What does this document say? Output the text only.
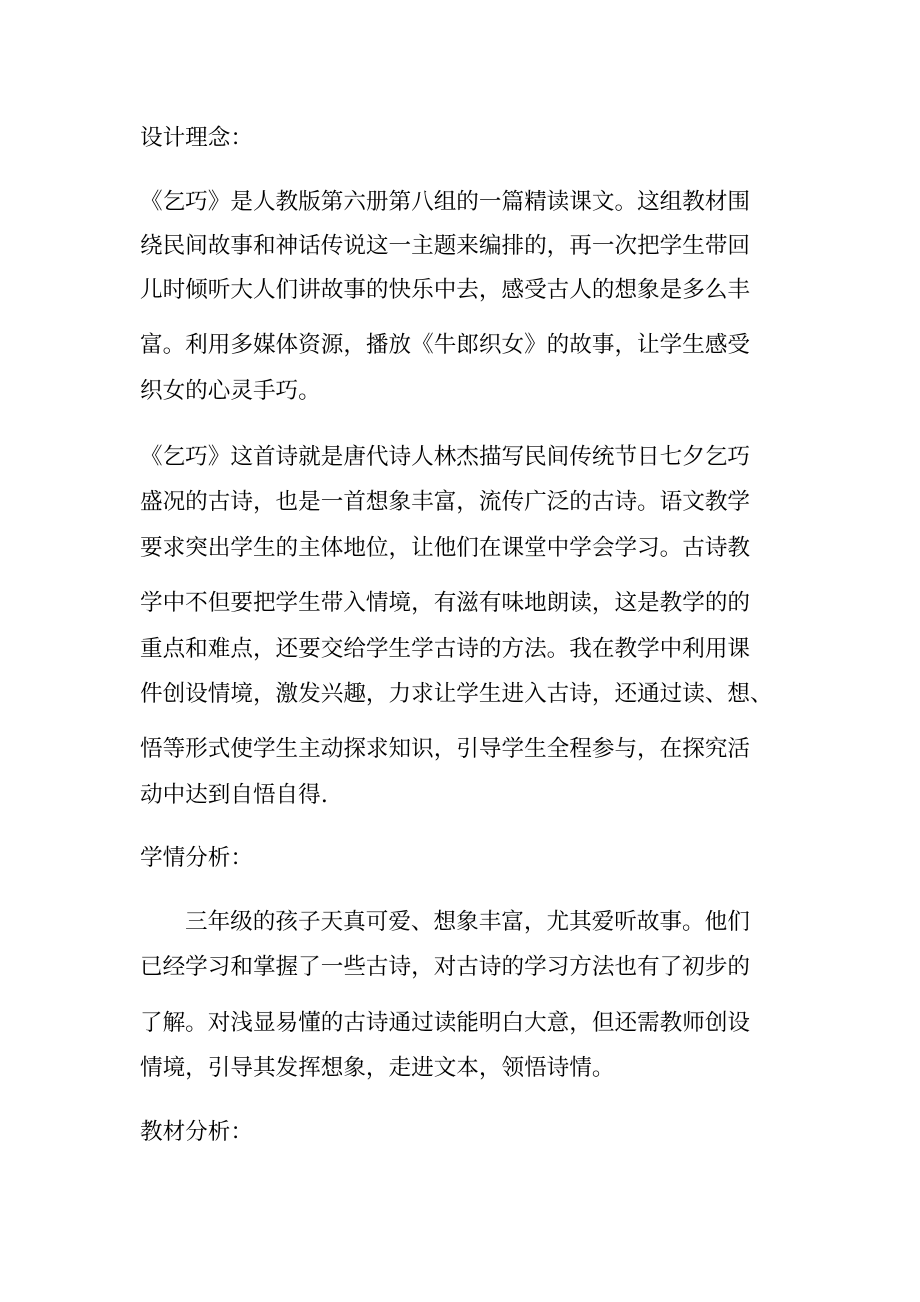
设计理念：
《乞巧》是人教版第六册第八组的一篇精读课文。这组教材围
绕民间故事和神话传说这一主题来编排的，再一次把学生带回
儿时倾听大人们讲故事的快乐中去，感受古人的想象是多么丰
富。利用多媒体资源，播放《牛郎织女》的故事，让学生感受
织女的心灵手巧。
《乞巧》这首诗就是唐代诗人林杰描写民间传统节日七夕乞巧
盛况的古诗，也是一首想象丰富，流传广泛的古诗。语文教学
要求突出学生的主体地位，让他们在课堂中学会学习。古诗教
学中不但要把学生带入情境，有滋有味地朗读，这是教学的的
重点和难点，还要交给学生学古诗的方法。我在教学中利用课
件创设情境，激发兴趣，力求让学生进入古诗，还通过读、想、
悟等形式使学生主动探求知识，引导学生全程参与，在探究活
动中达到自悟自得.
学情分析：
三年级的孩子天真可爱、想象丰富，尤其爱听故事。他们
已经学习和掌握了一些古诗，对古诗的学习方法也有了初步的
了解。对浅显易懂的古诗通过读能明白大意，但还需教师创设
情境，引导其发挥想象，走进文本，领悟诗情。
教材分析：
